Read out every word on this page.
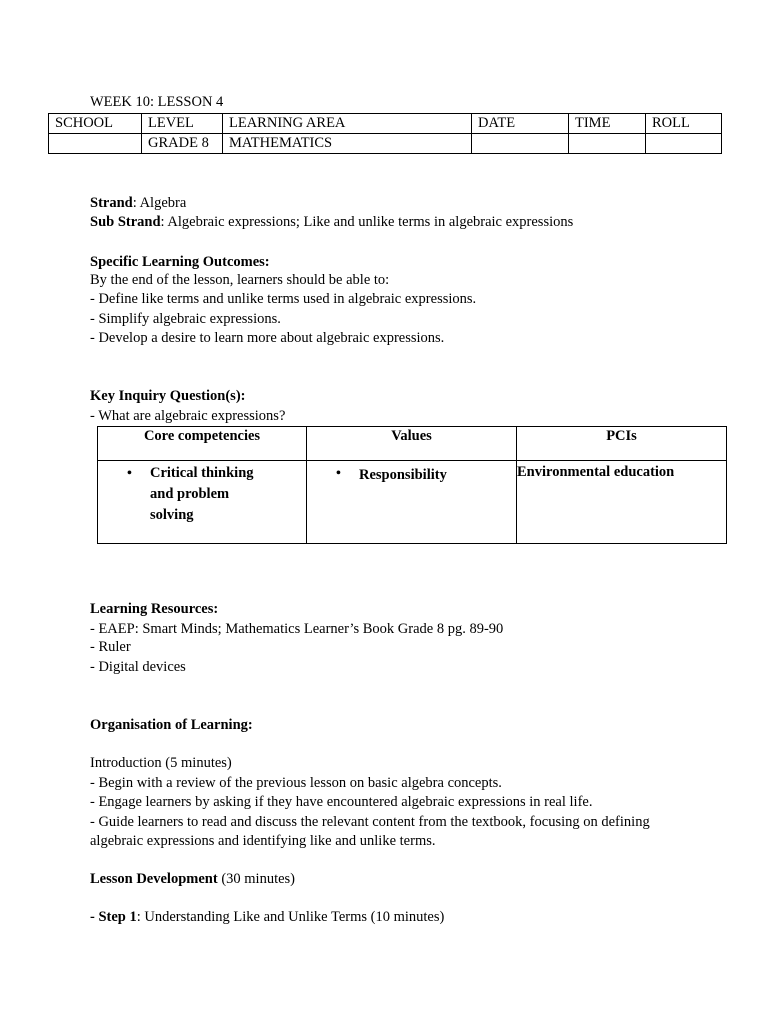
WEEK 10: LESSON 4
SCHOOL	LEVEL	LEARNING AREA	DATE	TIME	ROLL
	GRADE 8	MATHEMATICS			
Strand: Algebra
Sub Strand: Algebraic expressions; Like and unlike terms in algebraic expressions
Specific Learning Outcomes:
By the end of the lesson, learners should be able to:
- Define like terms and unlike terms used in algebraic expressions.
- Simplify algebraic expressions.
- Develop a desire to learn more about algebraic expressions.
Key Inquiry Question(s):
- What are algebraic expressions?
Core competencies	Values	PCIs

• Critical thinking and problem solving	• Responsibility	Environmental education
Learning Resources:
- EAEP: Smart Minds; Mathematics Learner’s Book Grade 8 pg. 89-90
- Ruler
- Digital devices
Organisation of Learning:
Introduction (5 minutes)
- Begin with a review of the previous lesson on basic algebra concepts.
- Engage learners by asking if they have encountered algebraic expressions in real life.
- Guide learners to read and discuss the relevant content from the textbook, focusing on defining
algebraic expressions and identifying like and unlike terms.
Lesson Development (30 minutes)
- Step 1: Understanding Like and Unlike Terms (10 minutes)
